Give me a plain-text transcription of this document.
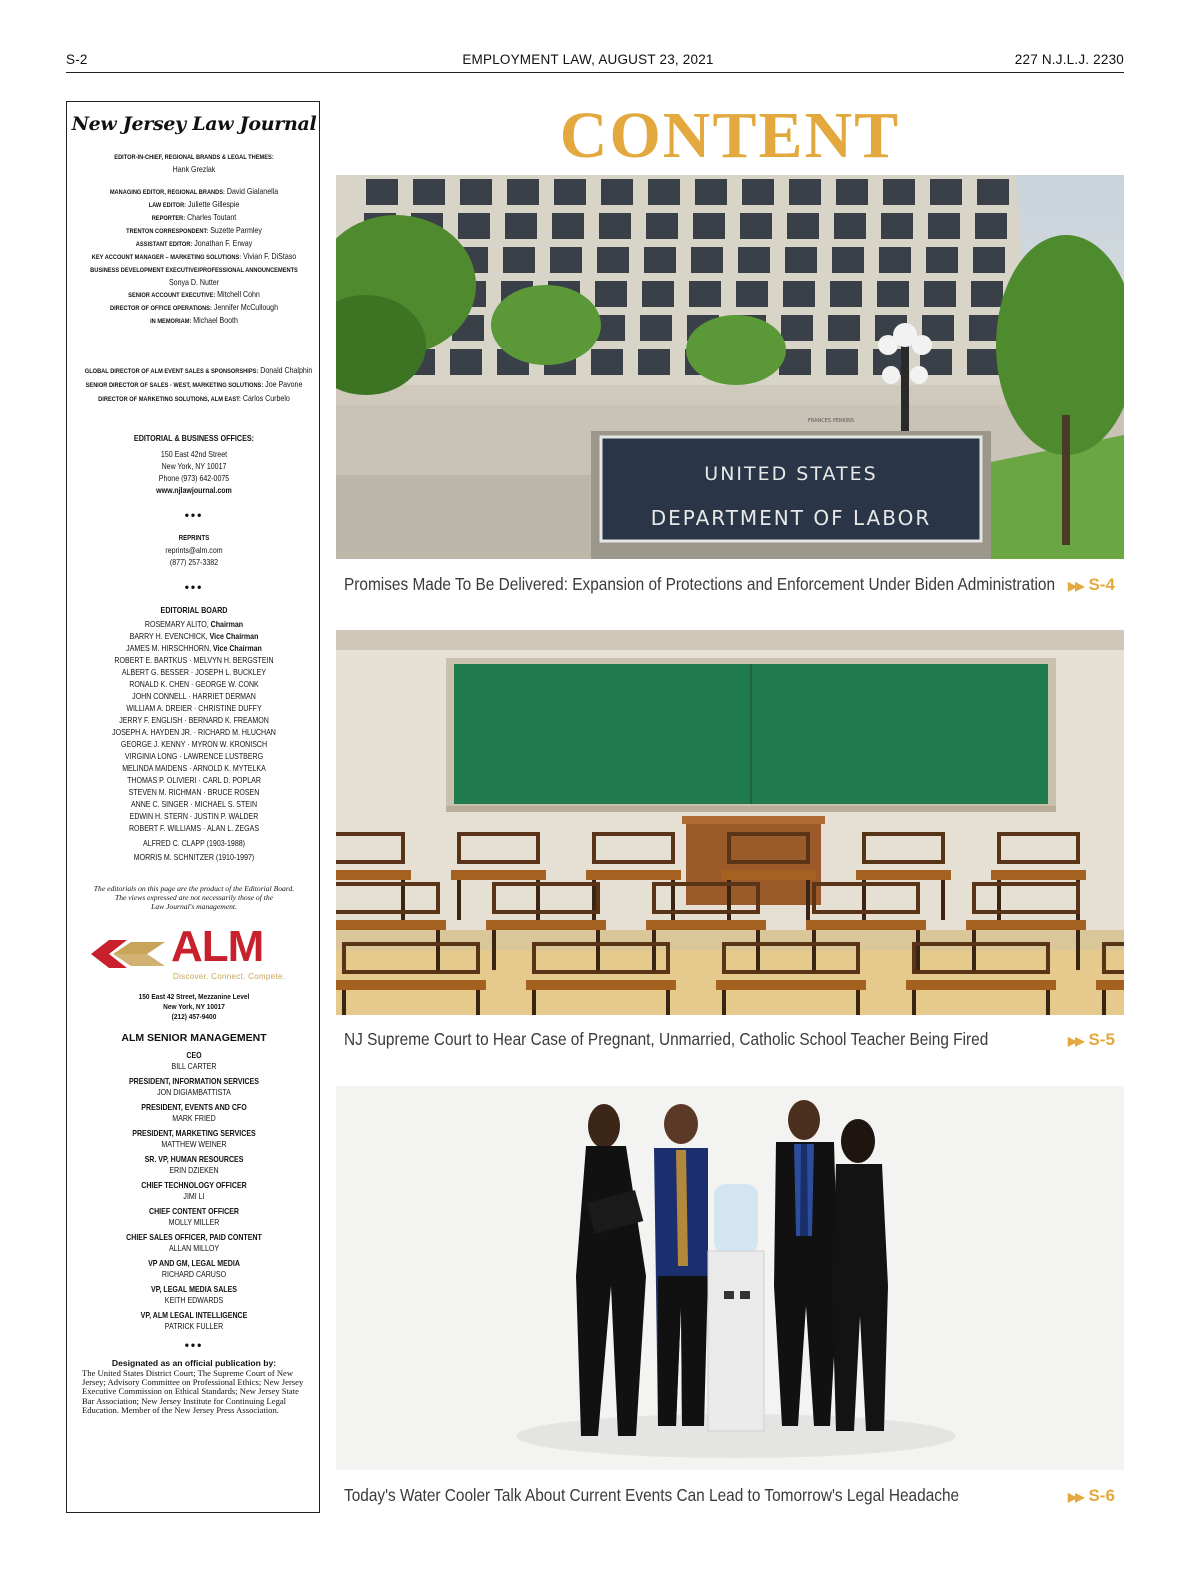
S-2	EMPLOYMENT LAW, AUGUST 23, 2021	227 N.J.L.J. 2230
New Jersey Law Journal
EDITOR-IN-CHIEF, REGIONAL BRANDS & LEGAL THEMES:
Hank Grezlak
MANAGING EDITOR, REGIONAL BRANDS: David Gialanella
LAW EDITOR: Juliette Gillespie
REPORTER: Charles Toutant
TRENTON CORRESPONDENT: Suzette Parmley
ASSISTANT EDITOR: Jonathan F. Erway
KEY ACCOUNT MANAGER – MARKETING SOLUTIONS: Vivian F. DiStaso
BUSINESS DEVELOPMENT EXECUTIVE/PROFESSIONAL ANNOUNCEMENTS
Sonya D. Nutter
SENIOR ACCOUNT EXECUTIVE: Mitchell Cohn
DIRECTOR OF OFFICE OPERATIONS: Jennifer McCullough
IN MEMORIAM: Michael Booth
GLOBAL DIRECTOR OF ALM EVENT SALES & SPONSORSHIPS: Donald Chalphin
SENIOR DIRECTOR OF SALES - WEST, MARKETING SOLUTIONS: Joe Pavone
DIRECTOR OF MARKETING SOLUTIONS, ALM EAST: Carlos Curbelo
EDITORIAL & BUSINESS OFFICES:
150 East 42nd Street
New York, NY 10017
Phone (973) 642-0075
www.njlawjournal.com
•••
REPRINTS
reprints@alm.com
(877) 257-3382
•••
EDITORIAL BOARD
ROSEMARY ALITO, Chairman
BARRY H. EVENCHICK, Vice Chairman
JAMES M. HIRSCHHORN, Vice Chairman
ROBERT E. BARTKUS · MELVYN H. BERGSTEIN
ALBERT G. BESSER · JOSEPH L. BUCKLEY
RONALD K. CHEN · GEORGE W. CONK
JOHN CONNELL · HARRIET DERMAN
WILLIAM A. DREIER · CHRISTINE DUFFY
JERRY F. ENGLISH · BERNARD K. FREAMON
JOSEPH A. HAYDEN JR. · RICHARD M. HLUCHAN
GEORGE J. KENNY · MYRON W. KRONISCH
VIRGINIA LONG · LAWRENCE LUSTBERG
MELINDA MAIDENS · ARNOLD K. MYTELKA
THOMAS P. OLIVIERI · CARL D. POPLAR
STEVEN M. RICHMAN · BRUCE ROSEN
ANNE C. SINGER · MICHAEL S. STEIN
EDWIN H. STERN · JUSTIN P. WALDER
ROBERT F. WILLIAMS · ALAN L. ZEGAS
ALFRED C. CLAPP (1903-1988)
MORRIS M. SCHNITZER (1910-1997)
The editorials on this page are the product of the Editorial Board.
The views expressed are not necessarily those of the
Law Journal's management.
ALM
Discover. Connect. Compete.
150 East 42 Street, Mezzanine Level
New York, NY 10017
(212) 457-9400
ALM SENIOR MANAGEMENT
CEO
BILL CARTER
PRESIDENT, INFORMATION SERVICES
JON DIGIAMBATTISTA
PRESIDENT, EVENTS AND CFO
MARK FRIED
PRESIDENT, MARKETING SERVICES
MATTHEW WEINER
SR. VP, HUMAN RESOURCES
ERIN DZIEKEN
CHIEF TECHNOLOGY OFFICER
JIMI LI
CHIEF CONTENT OFFICER
MOLLY MILLER
CHIEF SALES OFFICER, PAID CONTENT
ALLAN MILLOY
VP AND GM, LEGAL MEDIA
RICHARD CARUSO
VP, LEGAL MEDIA SALES
KEITH EDWARDS
VP, ALM LEGAL INTELLIGENCE
PATRICK FULLER
•••
Designated as an official publication by:
The United States District Court; The Supreme Court of New Jersey; Advisory Committee on Professional Ethics; New Jersey Executive Commission on Ethical Standards; New Jersey State Bar Association; New Jersey Institute for Continuing Legal Education. Member of the New Jersey Press Association.
CONTENT
UNITED STATES
DEPARTMENT OF LABOR
FRANCES PERKINS
Promises Made To Be Delivered: Expansion of Protections and Enforcement Under Biden Administration ▶▶ S-4
NJ Supreme Court to Hear Case of Pregnant, Unmarried, Catholic School Teacher Being Fired	▶▶ S-5
Today's Water Cooler Talk About Current Events Can Lead to Tomorrow's Legal Headache	▶▶ S-6
